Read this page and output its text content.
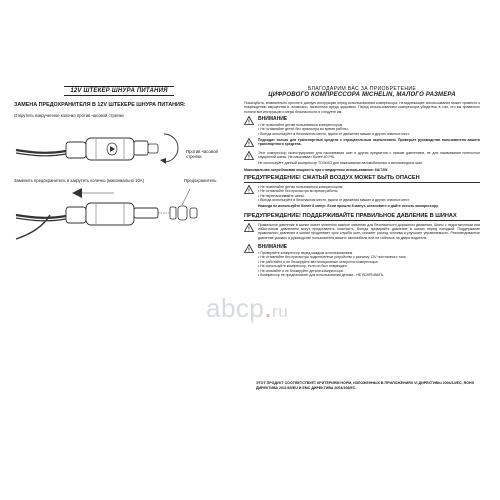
12V ШТЕКЕР ШНУРА ПИТАНИЯ
ЗАМЕНА ПРЕДОХРАНИТЕЛЯ В 12V ШТЕКЕРЕ ШНУРА ПИТАНИЯ:
Открутить накрученное колечко против часовой стрелки
Против часовой стрелки
Заменить предохранитель и закрутить колечко (максимально 10А)	Предохранитель
БЛАГОДАРИМ ВАС ЗА ПРИОБРЕТЕНИЕ
ЦИФРОВОГО КОМПРЕССОРА MICHELIN, МАЛОГО РАЗМЕРА
Пожалуйста, внимательно прочтите данную инструкцию перед использованием компрессора. Ненадлежащее использование может привести к повреждению имущества и, возможно, нанесению вреда здоровью. Перед использованием компрессора убедитесь в том, что вы правильно поняли все инструкции и меры безопасности и следуете им.
!
ВНИМАНИЕ
• Не позволяйте детям пользоваться компрессором.
• Не оставляйте детей без присмотра во время работы.
• Всегда используйте в безопасном месте, вдали от движения машин и других опасных мест.
!
Подходит только для транспортных средств с отрицательным заземлением. Проверьте руководство пользователя вашего транспортного средства.
!
Этот компрессор сконструирован для накачивания шин и других предметов с низким давлением, не для накачивания полностью спущенной шины. Не накачивает более 40 PSI.
Не используйте данный компрессор ТОЛЬКО для накачивания автомобильных и велосипедных шин.
Максимальная потребляемая мощность при стандартном использовании: 6А/72W
ПРЕДУПРЕЖДЕНИЕ! СЖАТЫЙ ВОЗДУХ МОЖЕТ БЫТЬ ОПАСЕН
!
• Не позволяйте детям пользоваться компрессором.
• Не оставляйте без присмотра во время работы.
• Не перенакачивайте шины.
• Всегда используйте в безопасном месте, вдали от движения машин и других опасных мест.
Никогда не используйте более 8 минут. Если прошло 8 минут, остановите и дайте остыть компрессору.
ПРЕДУПРЕЖДЕНИЕ! ПОДДЕРЖИВАЙТЕ ПРАВИЛЬНОЕ ДАВЛЕНИЕ В ШИНАХ
!
Правильное давление в шинах имеет жизненно важное значение для безопасности дорожного движения. Шины с недостаточным или избыточным давлением могут представлять опасность. Всегда проверяйте давление в шинах перед поездкой. Поддержание правильного давления в шинах продлевает срок службы шин, снижает расход топлива и улучшает управляемость. Рекомендованное давление указано в руководстве пользователя вашего автомобиля или на табличке на двери водителя.
!
ВНИМАНИЕ
• Проверяйте компрессор перед каждым использованием.
• Не оставляйте без присмотра подключенное устройство к разъему 12V постоянного тока.
• Не работайте и не блокируйте вентиляционные отверстия компрессора.
• Не используйте компрессор, если он был поврежден.
• Не снимайте и не блокируйте детали компрессора.
• Компрессор не предназначен для использования детьми - НЕ ВСКРЫВАТЬ.
ЭТОТ ПРОДУКТ СООТВЕТСТВУЕТ КРИТЕРИЯМ НОРМ, ИЗЛОЖЕННЫХ В ПРИЛОЖЕНИЯХ VI ДИРЕКТИВЫ 2006/14/EC, ROHS ДИРЕКТИВА 2011/65/EU И ЕМС ДИРЕКТИВА 2004/108/EC.
abcp.ru
